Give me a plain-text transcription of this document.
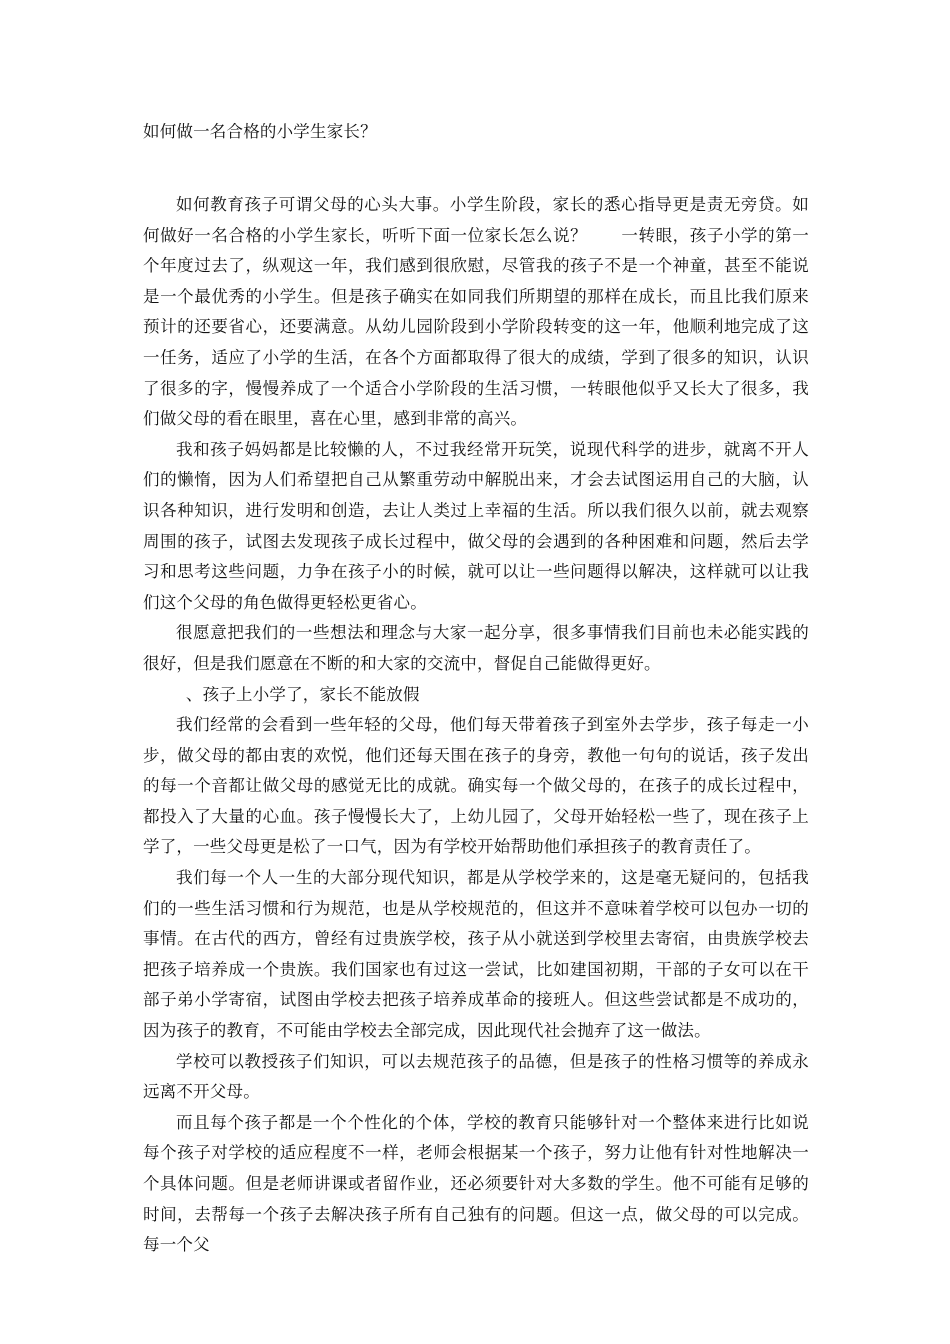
如何做一名合格的小学生家长？

如何教育孩子可谓父母的心头大事。小学生阶段，家长的悉心指导更是责无旁贷。如何做好一名合格的小学生家长，听听下面一位家长怎么说？　　一转眼，孩子小学的第一个年度过去了，纵观这一年，我们感到很欣慰，尽管我的孩子不是一个神童，甚至不能说是一个最优秀的小学生。但是孩子确实在如同我们所期望的那样在成长，而且比我们原来预计的还要省心，还要满意。从幼儿园阶段到小学阶段转变的这一年，他顺利地完成了这一任务，适应了小学的生活，在各个方面都取得了很大的成绩，学到了很多的知识，认识了很多的字，慢慢养成了一个适合小学阶段的生活习惯，一转眼他似乎又长大了很多，我们做父母的看在眼里，喜在心里，感到非常的高兴。

我和孩子妈妈都是比较懒的人，不过我经常开玩笑，说现代科学的进步，就离不开人们的懒惰，因为人们希望把自己从繁重劳动中解脱出来，才会去试图运用自己的大脑，认识各种知识，进行发明和创造，去让人类过上幸福的生活。所以我们很久以前，就去观察周围的孩子，试图去发现孩子成长过程中，做父母的会遇到的各种困难和问题，然后去学习和思考这些问题，力争在孩子小的时候，就可以让一些问题得以解决，这样就可以让我们这个父母的角色做得更轻松更省心。

很愿意把我们的一些想法和理念与大家一起分享，很多事情我们目前也未必能实践的很好，但是我们愿意在不断的和大家的交流中，督促自己能做得更好。

、孩子上小学了，家长不能放假

我们经常的会看到一些年轻的父母，他们每天带着孩子到室外去学步，孩子每走一小步，做父母的都由衷的欢悦，他们还每天围在孩子的身旁，教他一句句的说话，孩子发出的每一个音都让做父母的感觉无比的成就。确实每一个做父母的，在孩子的成长过程中，都投入了大量的心血。孩子慢慢长大了，上幼儿园了，父母开始轻松一些了，现在孩子上学了，一些父母更是松了一口气，因为有学校开始帮助他们承担孩子的教育责任了。

我们每一个人一生的大部分现代知识，都是从学校学来的，这是毫无疑问的，包括我们的一些生活习惯和行为规范，也是从学校规范的，但这并不意味着学校可以包办一切的事情。在古代的西方，曾经有过贵族学校，孩子从小就送到学校里去寄宿，由贵族学校去把孩子培养成一个贵族。我们国家也有过这一尝试，比如建国初期，干部的子女可以在干部子弟小学寄宿，试图由学校去把孩子培养成革命的接班人。但这些尝试都是不成功的，因为孩子的教育，不可能由学校去全部完成，因此现代社会抛弃了这一做法。

学校可以教授孩子们知识，可以去规范孩子的品德，但是孩子的性格习惯等的养成永远离不开父母。

而且每个孩子都是一个个性化的个体，学校的教育只能够针对一个整体来进行比如说每个孩子对学校的适应程度不一样，老师会根据某一个孩子，努力让他有针对性地解决一个具体问题。但是老师讲课或者留作业，还必须要针对大多数的学生。他不可能有足够的时间，去帮每一个孩子去解决孩子所有自己独有的问题。但这一点，做父母的可以完成。每一个父
